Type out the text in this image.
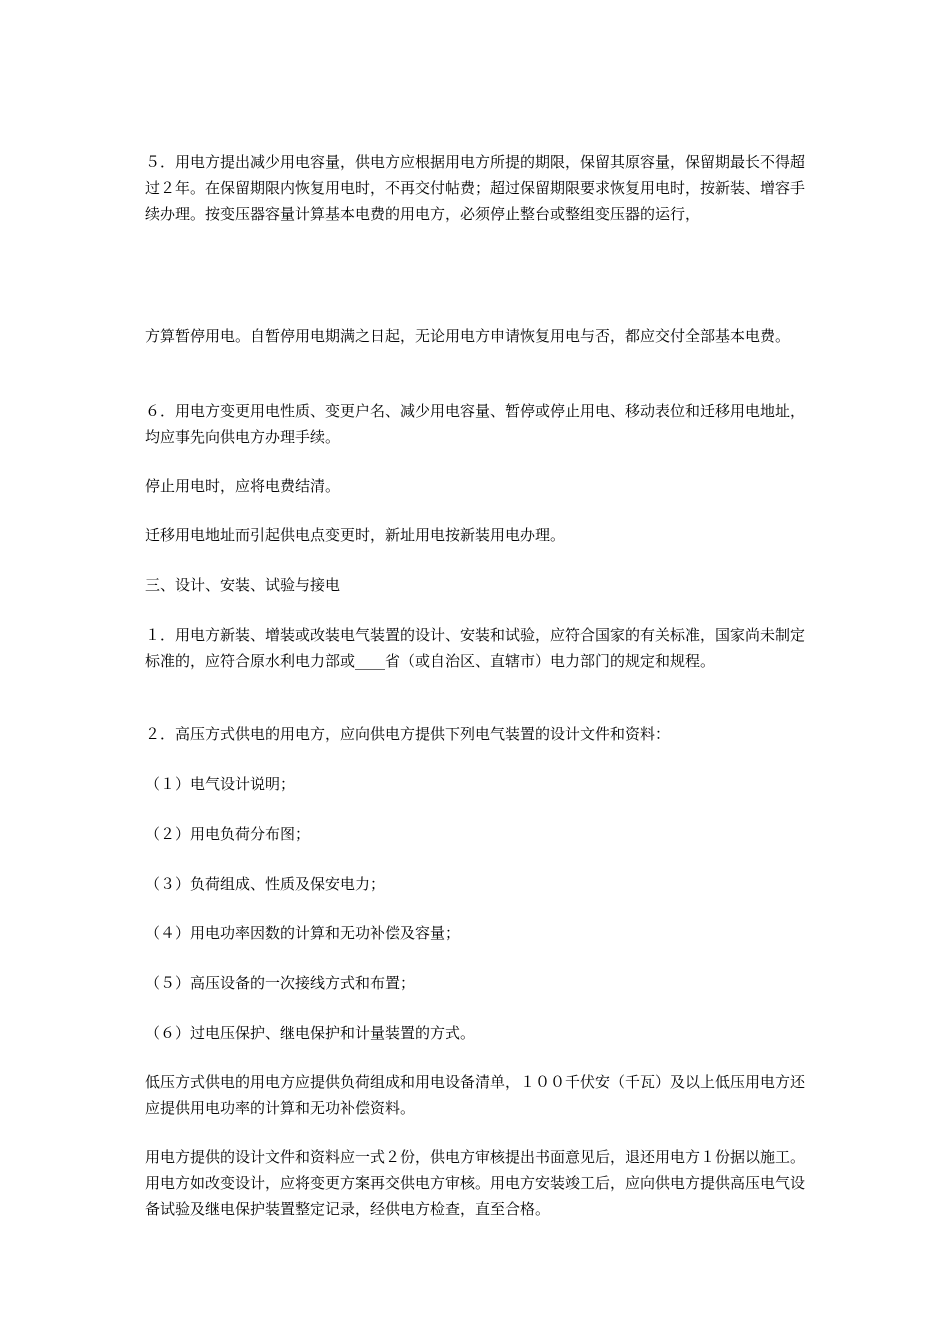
５．用电方提出减少用电容量，供电方应根据用电方所提的期限，保留其原容量，保留期最长不得超过２年。在保留期限内恢复用电时，不再交付帖费；超过保留期限要求恢复用电时，按新装、增容手续办理。按变压器容量计算基本电费的用电方，必须停止整台或整组变压器的运行，

方算暂停用电。自暂停用电期满之日起，无论用电方申请恢复用电与否，都应交付全部基本电费。

６．用电方变更用电性质、变更户名、减少用电容量、暂停或停止用电、移动表位和迁移用电地址，均应事先向供电方办理手续。

停止用电时，应将电费结清。

迁移用电地址而引起供电点变更时，新址用电按新装用电办理。

三、设计、安装、试验与接电

１．用电方新装、增装或改装电气装置的设计、安装和试验，应符合国家的有关标准，国家尚未制定标准的，应符合原水利电力部或____省（或自治区、直辖市）电力部门的规定和规程。

２．高压方式供电的用电方，应向供电方提供下列电气装置的设计文件和资料：

（１）电气设计说明；

（２）用电负荷分布图；

（３）负荷组成、性质及保安电力；

（４）用电功率因数的计算和无功补偿及容量；

（５）高压设备的一次接线方式和布置；

（６）过电压保护、继电保护和计量装置的方式。

低压方式供电的用电方应提供负荷组成和用电设备清单，１００千伏安（千瓦）及以上低压用电方还应提供用电功率的计算和无功补偿资料。

用电方提供的设计文件和资料应一式２份，供电方审核提出书面意见后，退还用电方１份据以施工。用电方如改变设计，应将变更方案再交供电方审核。用电方安装竣工后，应向供电方提供高压电气设备试验及继电保护装置整定记录，经供电方检查，直至合格。
